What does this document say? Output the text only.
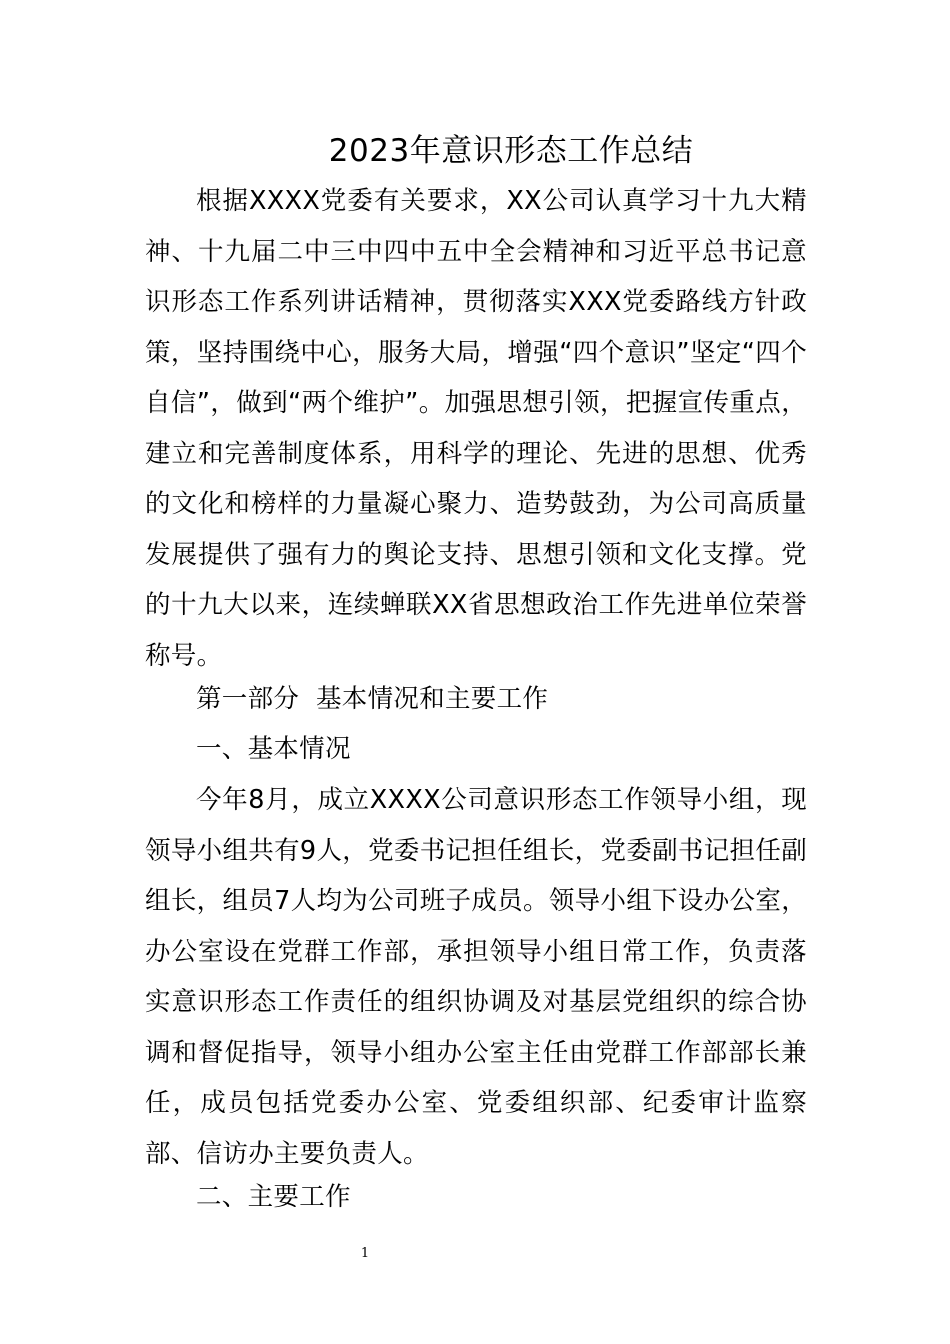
2023年意识形态工作总结
根据XXXX党委有关要求，XX公司认真学习十九大精神、十九届二中三中四中五中全会精神和习近平总书记意识形态工作系列讲话精神，贯彻落实XXX党委路线方针政策，坚持围绕中心，服务大局，增强“四个意识”坚定“四个自信”，做到“两个维护”。加强思想引领，把握宣传重点，建立和完善制度体系，用科学的理论、先进的思想、优秀的文化和榜样的力量凝心聚力、造势鼓劲，为公司高质量发展提供了强有力的舆论支持、思想引领和文化支撑。党的十九大以来，连续蝉联XX省思想政治工作先进单位荣誉称号。
第一部分  基本情况和主要工作
一、基本情况
今年8月，成立XXXX公司意识形态工作领导小组，现领导小组共有9人，党委书记担任组长，党委副书记担任副组长，组员7人均为公司班子成员。领导小组下设办公室，办公室设在党群工作部，承担领导小组日常工作，负责落实意识形态工作责任的组织协调及对基层党组织的综合协调和督促指导，领导小组办公室主任由党群工作部部长兼任，成员包括党委办公室、党委组织部、纪委审计监察部、信访办主要负责人。
二、主要工作
1
